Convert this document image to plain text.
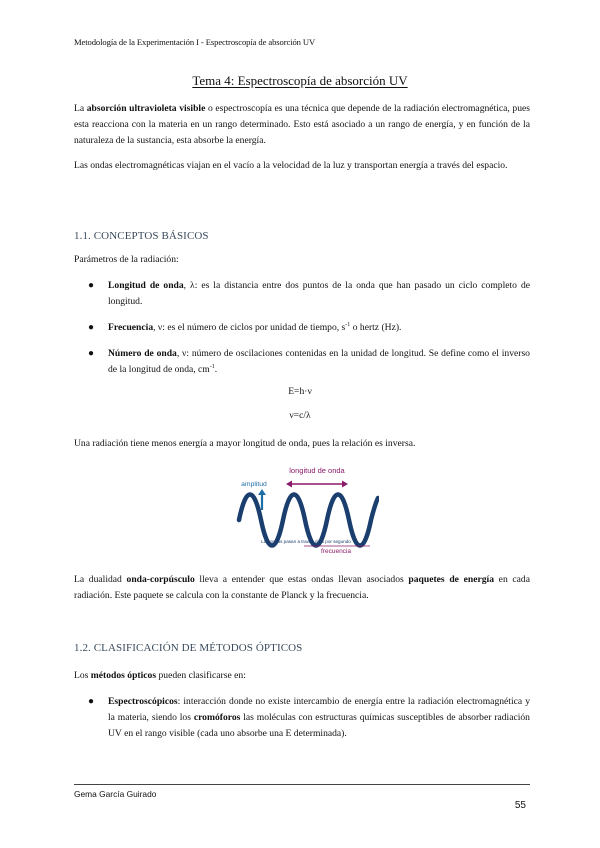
Metodología de la Experimentación I - Espectroscopía de absorción UV
Tema 4: Espectroscopía de absorción UV
La absorción ultravioleta visible o espectroscopía es una técnica que depende de la radiación electromagnética, pues esta reacciona con la materia en un rango determinado. Esto está asociado a un rango de energía, y en función de la naturaleza de la sustancia, esta absorbe la energía.
Las ondas electromagnéticas viajan en el vacío a la velocidad de la luz y transportan energía a través del espacio.
1.1. CONCEPTOS BÁSICOS
Parámetros de la radiación:
●	Longitud de onda, λ: es la distancia entre dos puntos de la onda que han pasado un ciclo completo de longitud.
●	Frecuencia, ν: es el número de ciclos por unidad de tiempo, $s^{-1}$ o hertz (Hz).
●	Número de onda, ν: número de oscilaciones contenidas en la unidad de longitud. Se define como el inverso de la longitud de onda, $cm^{-1}$.
E=h·ν
ν=c/λ
Una radiación tiene menos energía a mayor longitud de onda, pues la relación es inversa.
longitud de onda
amplitud
Las ondas pasan a través de 5 por segundo
frecuencia
La dualidad onda-corpúsculo lleva a entender que estas ondas llevan asociados paquetes de energía en cada radiación. Este paquete se calcula con la constante de Planck y la frecuencia.
1.2. CLASIFICACIÓN DE MÉTODOS ÓPTICOS
Los métodos ópticos pueden clasificarse en:
●	Espectroscópicos: interacción donde no existe intercambio de energía entre la radiación electromagnética y la materia, siendo los cromóforos las moléculas con estructuras químicas susceptibles de absorber radiación UV en el rango visible (cada uno absorbe una E determinada).
Gema García Guirado
55
